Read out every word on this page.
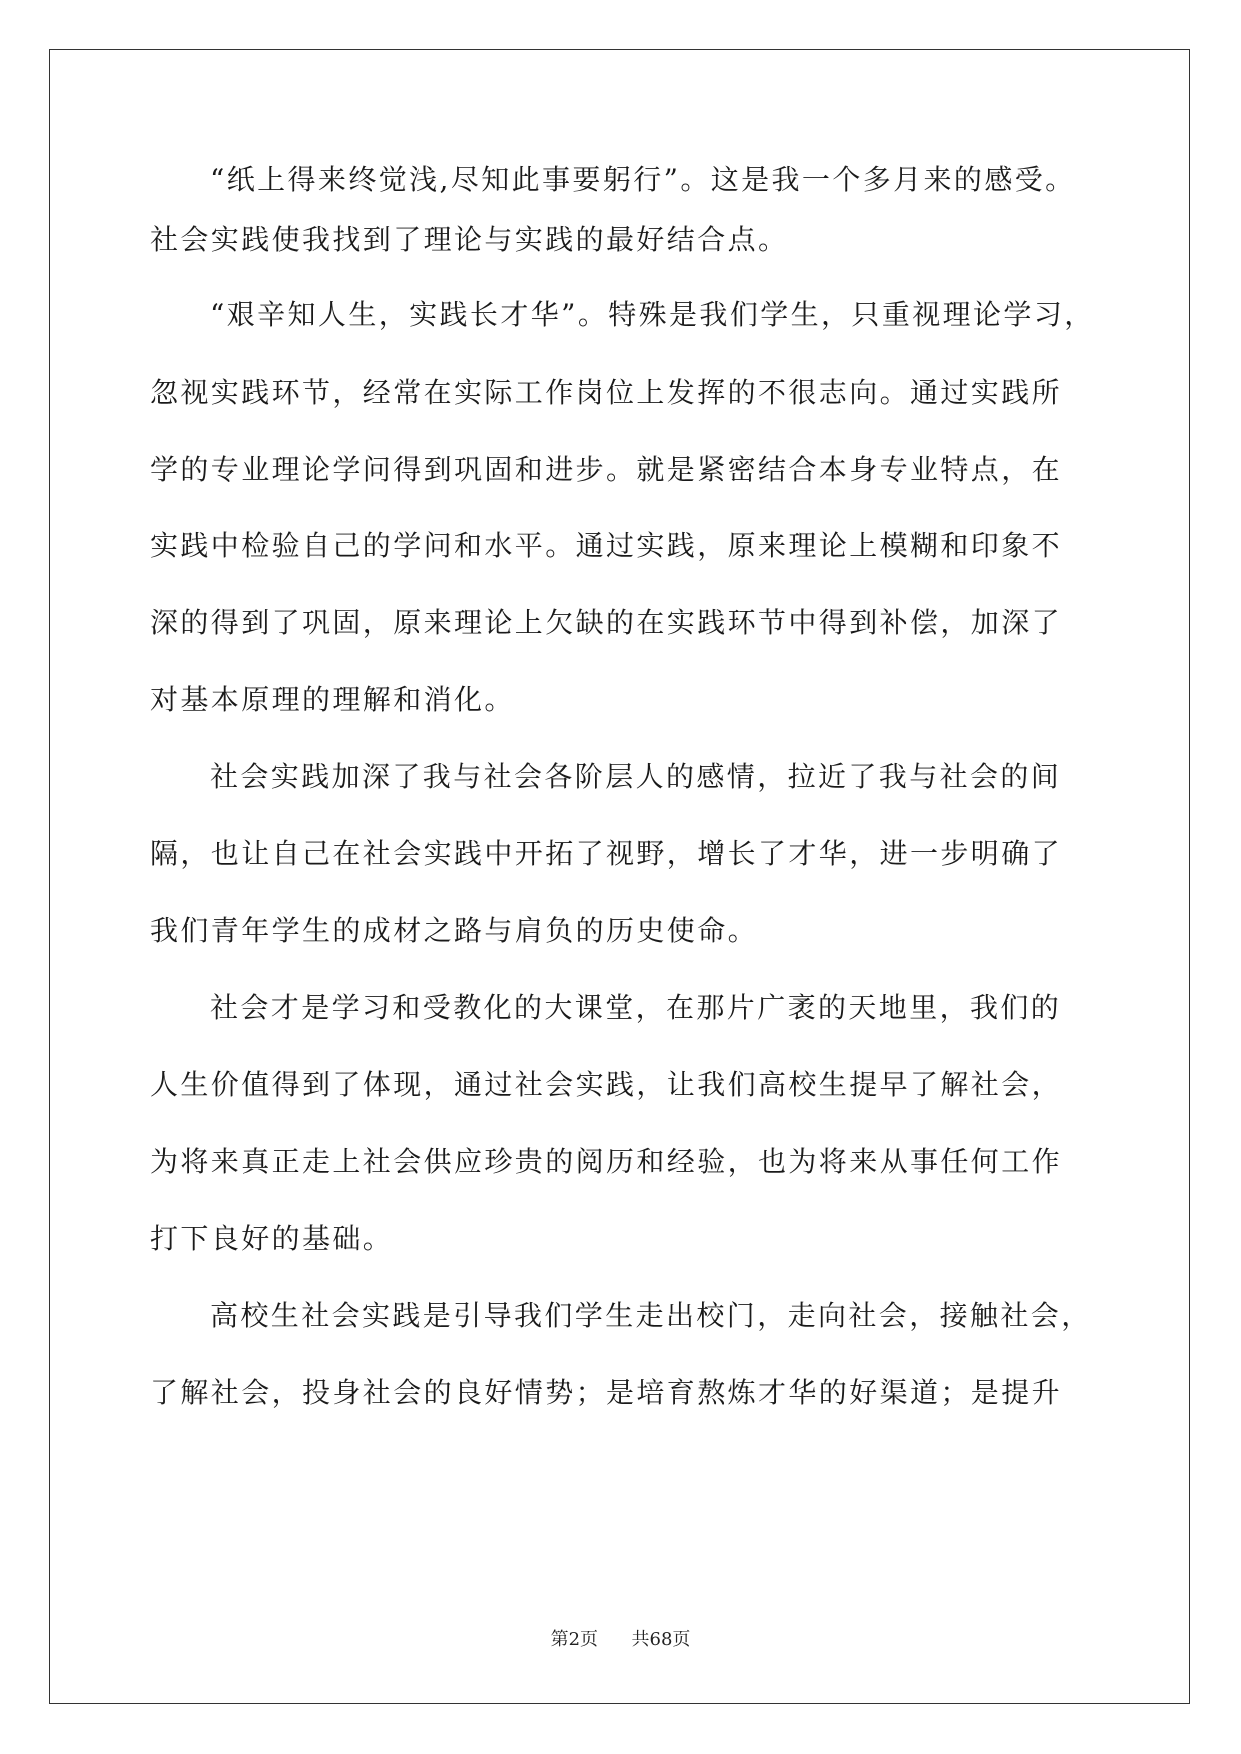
“纸上得来终觉浅,尽知此事要躬行”。这是我一个多月来的感受。
社会实践使我找到了理论与实践的最好结合点。
“艰辛知人生，实践长才华”。特殊是我们学生，只重视理论学习，
忽视实践环节，经常在实际工作岗位上发挥的不很志向。通过实践所
学的专业理论学问得到巩固和进步。就是紧密结合本身专业特点，在
实践中检验自己的学问和水平。通过实践，原来理论上模糊和印象不
深的得到了巩固，原来理论上欠缺的在实践环节中得到补偿，加深了
对基本原理的理解和消化。
社会实践加深了我与社会各阶层人的感情，拉近了我与社会的间
隔，也让自己在社会实践中开拓了视野，增长了才华，进一步明确了
我们青年学生的成材之路与肩负的历史使命。
社会才是学习和受教化的大课堂，在那片广袤的天地里，我们的
人生价值得到了体现，通过社会实践，让我们高校生提早了解社会，
为将来真正走上社会供应珍贵的阅历和经验，也为将来从事任何工作
打下良好的基础。
高校生社会实践是引导我们学生走出校门，走向社会，接触社会，
了解社会，投身社会的良好情势；是培育熬炼才华的好渠道；是提升
第2页 共68页
